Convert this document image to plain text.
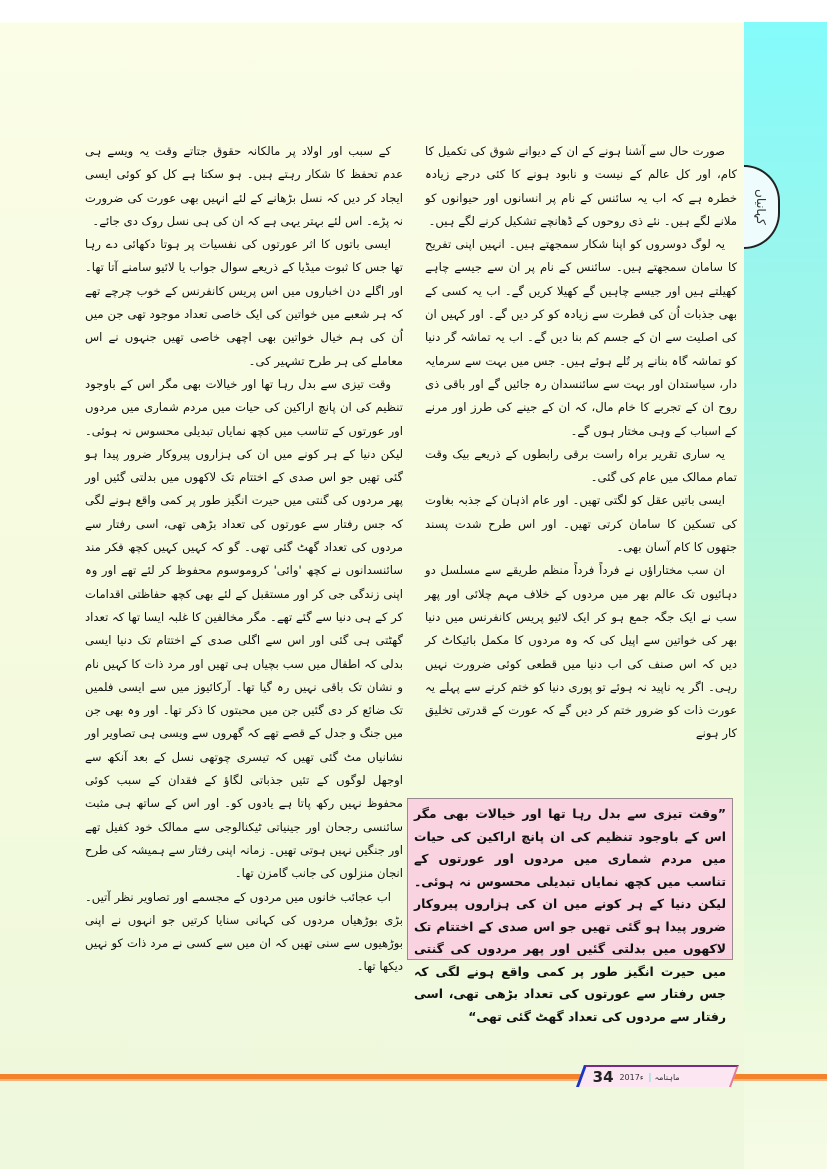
کہانیاں

صورت حال سے آشنا ہونے کے ان کے دیوانے شوق کی تکمیل کا کام، اور کل عالم کے نیست و نابود ہونے کا کئی درجے زیادہ خطرہ ہے کہ اب یہ سائنس کے نام پر انسانوں اور حیوانوں کو ملانے لگے ہیں۔ نئے ذی روحوں کے ڈھانچے تشکیل کرنے لگے ہیں۔

یہ لوگ دوسروں کو اپنا شکار سمجھتے ہیں۔ انہیں اپنی تفریح کا سامان سمجھتے ہیں۔ سائنس کے نام پر ان سے جیسے چاہے کھیلتے ہیں اور جیسے چاہیں گے کھیلا کریں گے۔ اب یہ کسی کے بھی جذبات اُن کی فطرت سے زیادہ کو کر دیں گے۔ اور کہیں ان کی اصلیت سے ان کے جسم کم بنا دیں گے۔ اب یہ تماشہ گر دنیا کو تماشہ گاہ بنانے پر تُلے ہوئے ہیں۔ جس میں بہت سے سرمایہ دار، سیاستدان اور بہت سے سائنسدان رہ جائیں گے اور باقی ذی روح ان کے تجربے کا خام مال، کہ ان کے جینے کی طرز اور مرنے کے اسباب کے وہی مختار ہوں گے۔

یہ ساری تقریر براہ راست برقی رابطوں کے ذریعے بیک وقت تمام ممالک میں عام کی گئی۔

ایسی باتیں عقل کو لگتی تھیں۔ اور عام اذہان کے جذبہ بغاوت کی تسکین کا سامان کرتی تھیں۔ اور اس طرح شدت پسند جتھوں کا کام آسان بھی۔

ان سب مختاراؤں نے فرداً فرداً منظم طریقے سے مسلسل دو دہائیوں تک عالم بھر میں مردوں کے خلاف مہم چلائی اور پھر سب نے ایک جگہ جمع ہو کر ایک لائیو پریس کانفرنس میں دنیا بھر کی خواتین سے اپیل کی کہ وہ مردوں کا مکمل بائیکاٹ کر دیں کہ اس صنف کی اب دنیا میں قطعی کوئی ضرورت نہیں رہی۔ اگر یہ ناپید نہ ہوئے تو پوری دنیا کو ختم کرنے سے پہلے یہ عورت ذات کو ضرور ختم کر دیں گے کہ عورت کے قدرتی تخلیق کار ہونے

”وقت تیزی سے بدل رہا تھا اور خیالات بھی مگر اس کے باوجود تنظیم کی ان پانچ اراکین کی حیات میں مردم شماری میں مردوں اور عورتوں کے تناسب میں کچھ نمایاں تبدیلی محسوس نہ ہوئی۔ لیکن دنیا کے ہر کونے میں ان کی ہزاروں پیروکار ضرور پیدا ہو گئی تھیں جو اس صدی کے اختتام تک لاکھوں میں بدلتی گئیں اور پھر مردوں کی گنتی میں حیرت انگیز طور پر کمی واقع ہونے لگی کہ جس رفتار سے عورتوں کی تعداد بڑھی تھی، اسی رفتار سے مردوں کی تعداد گھٹ گئی تھی“

کے سبب اور اولاد پر مالکانہ حقوق جتاتے وقت یہ ویسے ہی عدم تحفظ کا شکار رہتے ہیں۔ ہو سکتا ہے کل کو کوئی ایسی ایجاد کر دیں کہ نسل بڑھانے کے لئے انہیں بھی عورت کی ضرورت نہ پڑے۔ اس لئے بہتر یہی ہے کہ ان کی ہی نسل روک دی جائے۔

ایسی باتوں کا اثر عورتوں کی نفسیات پر ہوتا دکھائی دے رہا تھا جس کا ثبوت میڈیا کے ذریعے سوال جواب یا لائیو سامنے آتا تھا۔ اور اگلے دن اخباروں میں اس پریس کانفرنس کے خوب چرچے تھے کہ ہر شعبے میں خواتین کی ایک خاصی تعداد موجود تھی جن میں اُن کی ہم خیال خواتین بھی اچھی خاصی تھیں جنہوں نے اس معاملے کی ہر طرح تشہیر کی۔

وقت تیزی سے بدل رہا تھا اور خیالات بھی مگر اس کے باوجود تنظیم کی ان پانچ اراکین کی حیات میں مردم شماری میں مردوں اور عورتوں کے تناسب میں کچھ نمایاں تبدیلی محسوس نہ ہوئی۔ لیکن دنیا کے ہر کونے میں ان کی ہزاروں پیروکار ضرور پیدا ہو گئی تھیں جو اس صدی کے اختتام تک لاکھوں میں بدلتی گئیں اور پھر مردوں کی گنتی میں حیرت انگیز طور پر کمی واقع ہونے لگی کہ جس رفتار سے عورتوں کی تعداد بڑھی تھی، اسی رفتار سے مردوں کی تعداد گھٹ گئی تھی۔ گو کہ کہیں کہیں کچھ فکر مند سائنسدانوں نے کچھ 'وائی' کروموسوم محفوظ کر لئے تھے اور وہ اپنی زندگی جی کر اور مستقبل کے لئے بھی کچھ حفاظتی اقدامات کر کے ہی دنیا سے گئے تھے۔ مگر مخالفین کا غلبہ ایسا تھا کہ تعداد گھٹتی ہی گئی اور اس سے اگلی صدی کے اختتام تک دنیا ایسی بدلی کہ اطفال میں سب بچیاں ہی تھیں اور مرد ذات کا کہیں نام و نشان تک باقی نہیں رہ گیا تھا۔ آرکائیوز میں سے ایسی فلمیں تک ضائع کر دی گئیں جن میں محبتوں کا ذکر تھا۔ اور وہ بھی جن میں جنگ و جدل کے قصے تھے کہ گھروں سے ویسی ہی تصاویر اور نشانیاں مٹ گئی تھیں کہ تیسری چوتھی نسل کے بعد آنکھ سے اوجھل لوگوں کے تئیں جذباتی لگاؤ کے فقدان کے سبب کوئی محفوظ نہیں رکھ پاتا ہے یادوں کو۔ اور اس کے ساتھ ہی مثبت سائنسی رجحان اور جینیاتی ٹیکنالوجی سے ممالک خود کفیل تھے اور جنگیں نہیں ہوتی تھیں۔ زمانہ اپنی رفتار سے ہمیشہ کی طرح انجان منزلوں کی جانب گامزن تھا۔

اب عجائب خانوں میں مردوں کے مجسمے اور تصاویر نظر آتیں۔ بڑی بوڑھیاں مردوں کی کہانی سنایا کرتیں جو انہوں نے اپنی بوڑھیوں سے سنی تھیں کہ ان میں سے کسی نے مرد ذات کو نہیں دیکھا تھا۔

34 2017ء	ماہنامہ
